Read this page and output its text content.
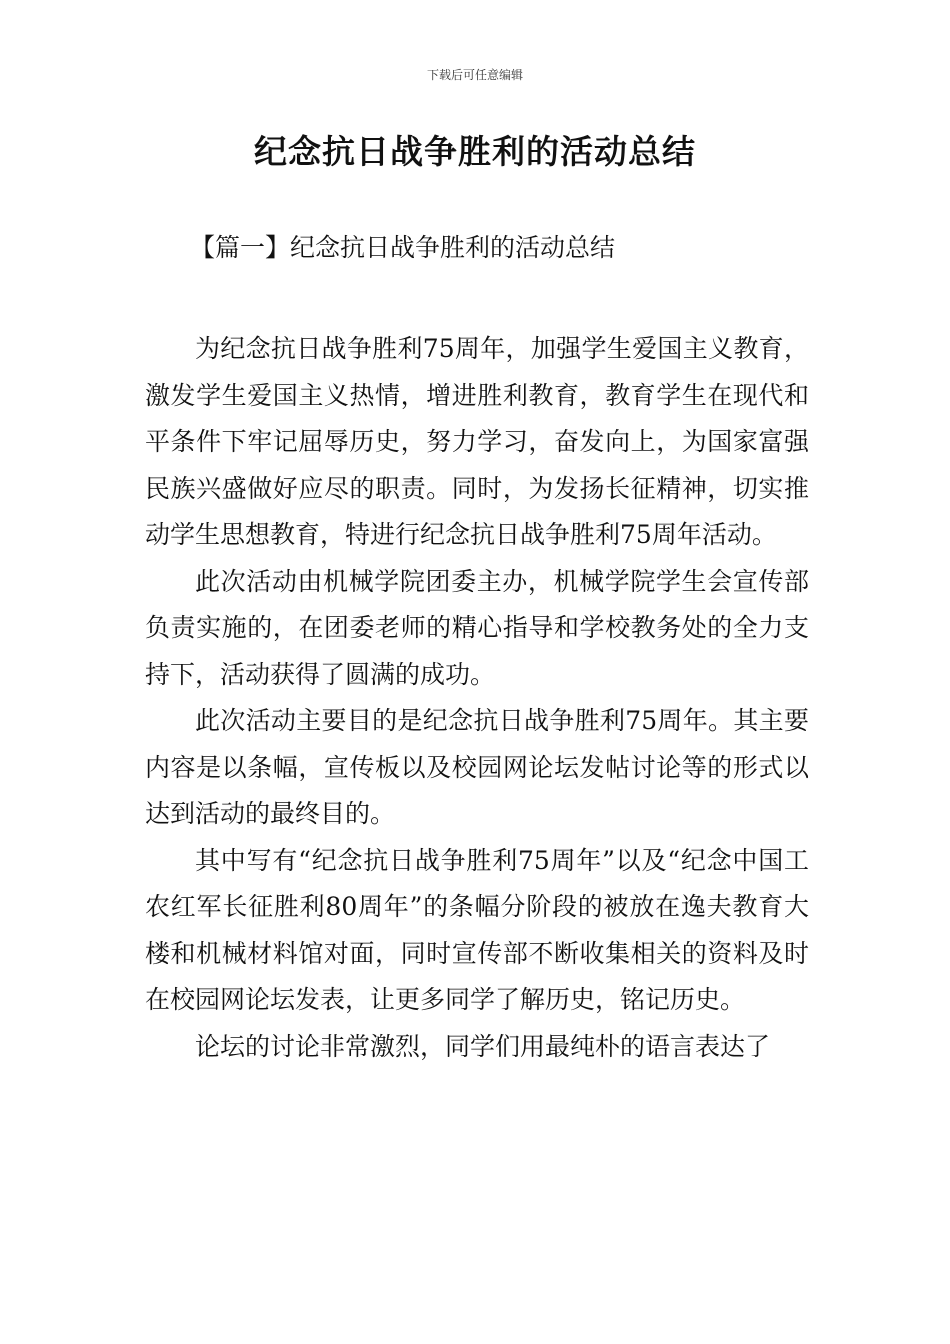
下载后可任意编辑
纪念抗日战争胜利的活动总结
【篇一】纪念抗日战争胜利的活动总结

为纪念抗日战争胜利75周年，加强学生爱国主义教育，激发学生爱国主义热情，增进胜利教育，教育学生在现代和平条件下牢记屈辱历史，努力学习，奋发向上，为国家富强民族兴盛做好应尽的职责。同时，为发扬长征精神，切实推动学生思想教育，特进行纪念抗日战争胜利75周年活动。

此次活动由机械学院团委主办，机械学院学生会宣传部负责实施的，在团委老师的精心指导和学校教务处的全力支持下，活动获得了圆满的成功。

此次活动主要目的是纪念抗日战争胜利75周年。其主要内容是以条幅，宣传板以及校园网论坛发帖讨论等的形式以达到活动的最终目的。

其中写有“纪念抗日战争胜利75周年”以及“纪念中国工农红军长征胜利80周年”的条幅分阶段的被放在逸夫教育大楼和机械材料馆对面，同时宣传部不断收集相关的资料及时在校园网论坛发表，让更多同学了解历史，铭记历史。

论坛的讨论非常激烈，同学们用最纯朴的语言表达了
